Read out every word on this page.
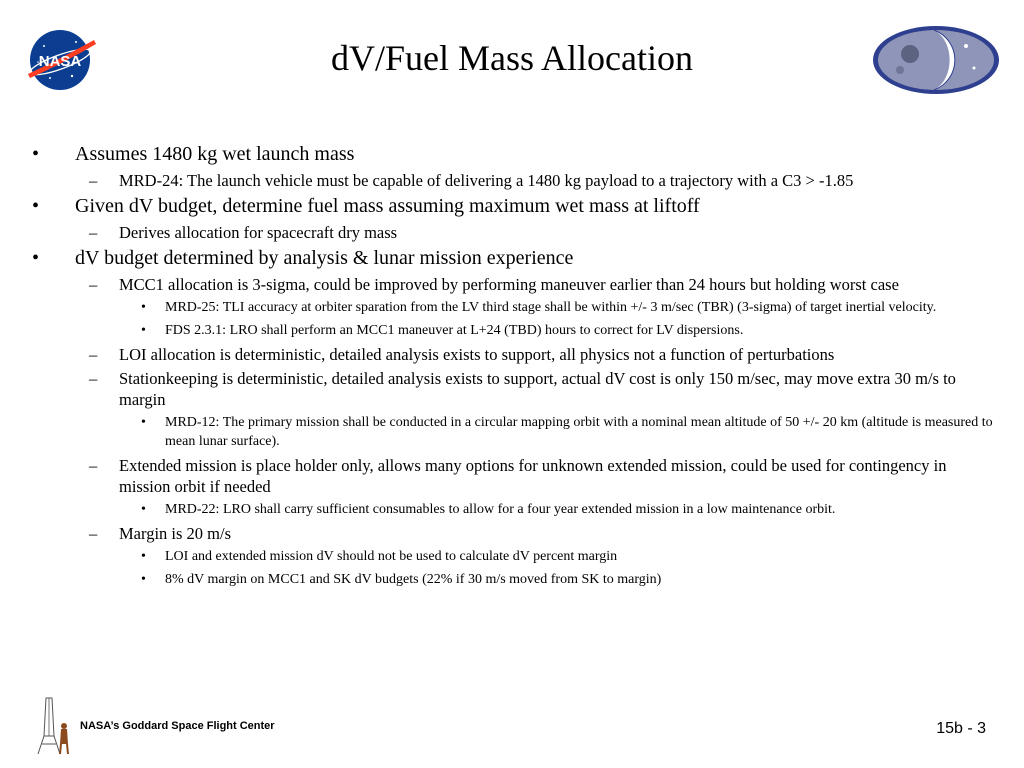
NASA	dV/Fuel Mass Allocation
• Assumes 1480 kg wet launch mass
– MRD-24: The launch vehicle must be capable of delivering a 1480 kg payload to a trajectory with a C3 > -1.85
• Given dV budget, determine fuel mass assuming maximum wet mass at liftoff
– Derives allocation for spacecraft dry mass
• dV budget determined by analysis & lunar mission experience
– MCC1 allocation is 3-sigma, could be improved by performing maneuver earlier than 24 hours but holding worst case
• MRD-25: TLI accuracy at orbiter sparation from the LV third stage shall be within +/- 3 m/sec (TBR) (3-sigma) of target inertial velocity.
• FDS 2.3.1: LRO shall perform an MCC1 maneuver at L+24 (TBD) hours to correct for LV dispersions.
– LOI allocation is deterministic, detailed analysis exists to support, all physics not a function of perturbations
– Stationkeeping is deterministic, detailed analysis exists to support, actual dV cost is only 150 m/sec, may move extra 30 m/s to margin
• MRD-12: The primary mission shall be conducted in a circular mapping orbit with a nominal mean altitude of 50 +/- 20 km (altitude is measured to mean lunar surface).
– Extended mission is place holder only, allows many options for unknown extended mission, could be used for contingency in mission orbit if needed
• MRD-22: LRO shall carry sufficient consumables to allow for a four year extended mission in a low maintenance orbit.
– Margin is 20 m/s
• LOI and extended mission dV should not be used to calculate dV percent margin
• 8% dV margin on MCC1 and SK dV budgets (22% if 30 m/s moved from SK to margin)
NASA’s Goddard Space Flight Center	15b - 3
